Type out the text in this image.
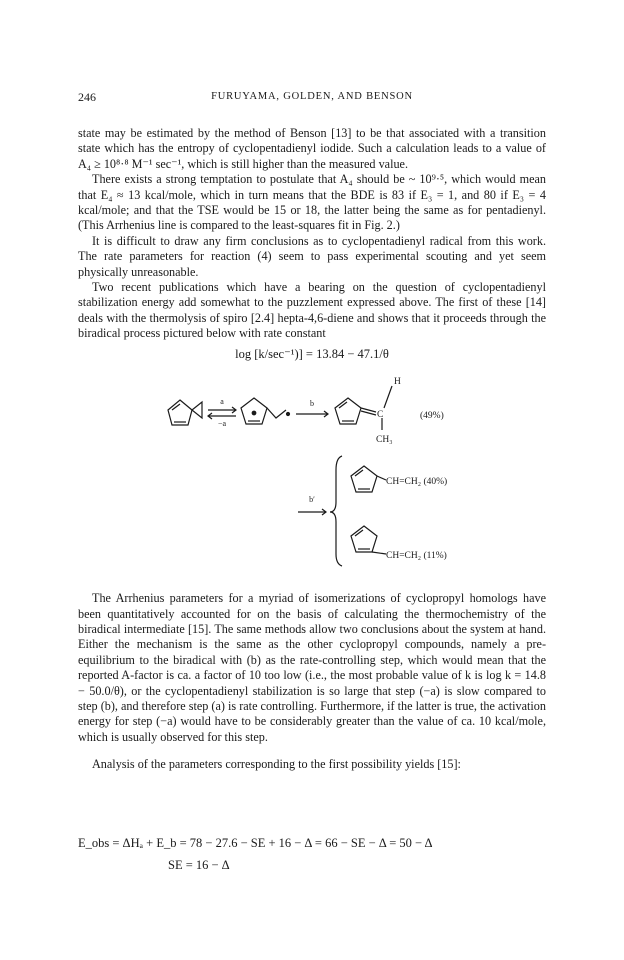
246	FURUYAMA, GOLDEN, AND BENSON

state may be estimated by the method of Benson [13] to be that associated with a transition state which has the entropy of cyclopentadienyl iodide. Such a calculation leads to a value of A₄ ≥ 10⁸·⁸ M⁻¹ sec⁻¹, which is still higher than the measured value.

There exists a strong temptation to postulate that A₄ should be ~ 10⁹·⁵, which would mean that E₄ ≈ 13 kcal/mole, which in turn means that the BDE is 83 if E₃ = 1, and 80 if E₃ = 4 kcal/mole; and that the TSE would be 15 or 18, the latter being the same as for pentadienyl. (This Arrhenius line is compared to the least-squares fit in Fig. 2.)

It is difficult to draw any firm conclusions as to cyclopentadienyl radical from this work. The rate parameters for reaction (4) seem to pass experimental scouting and yet seem physically unreasonable.

Two recent publications which have a bearing on the question of cyclopentadienyl stabilization energy add somewhat to the puzzlement expressed above. The first of these [14] deals with the thermolysis of spiro [2.4] hepta-4,6-diene and shows that it proceeds through the biradical process pictured below with rate constant

log [k/sec⁻¹)] = 13.84 − 47.1/θ
a
−a
b
H
C
CH₃
(49%)
b′
CH=CH₂ (40%)
CH=CH₂ (11%)

The Arrhenius parameters for a myriad of isomerizations of cyclopropyl homologs have been quantitatively accounted for on the basis of calculating the thermochemistry of the biradical intermediate [15]. The same methods allow two conclusions about the system at hand. Either the mechanism is the same as the other cyclopropyl compounds, namely a pre-equilibrium to the biradical with (b) as the rate-controlling step, which would mean that the reported A-factor is ca. a factor of 10 too low (i.e., the most probable value of k is log k = 14.8 − 50.0/θ), or the cyclopentadienyl stabilization is so large that step (−a) is slow compared to step (b), and therefore step (a) is rate controlling. Furthermore, if the latter is true, the activation energy for step (−a) would have to be considerably greater than the value of ca. 10 kcal/mole, which is usually observed for this step.

Analysis of the parameters corresponding to the first possibility yields [15]:

E_obs = ΔHₐ + E_b = 78 − 27.6 − SE + 16 − Δ = 66 − SE − Δ = 50 − Δ
SE = 16 − Δ
